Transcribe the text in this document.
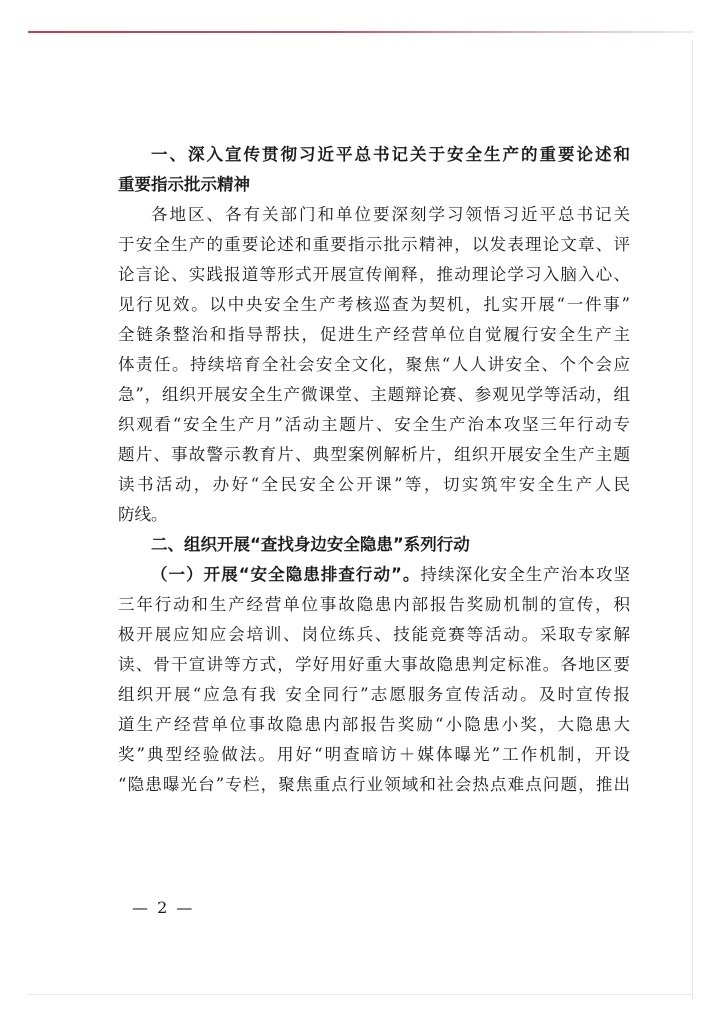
一、深入宣传贯彻习近平总书记关于安全生产的重要论述和
重要指示批示精神
各地区、各有关部门和单位要深刻学习领悟习近平总书记关
于安全生产的重要论述和重要指示批示精神，以发表理论文章、评
论言论、实践报道等形式开展宣传阐释，推动理论学习入脑入心、
见行见效。以中央安全生产考核巡查为契机，扎实开展“一件事”
全链条整治和指导帮扶，促进生产经营单位自觉履行安全生产主
体责任。持续培育全社会安全文化，聚焦“人人讲安全、个个会应
急”，组织开展安全生产微课堂、主题辩论赛、参观见学等活动，组
织观看“安全生产月”活动主题片、安全生产治本攻坚三年行动专
题片、事故警示教育片、典型案例解析片，组织开展安全生产主题
读书活动，办好“全民安全公开课”等，切实筑牢安全生产人民
防线。
二、组织开展“查找身边安全隐患”系列行动
（一）开展“安全隐患排查行动”。持续深化安全生产治本攻坚
三年行动和生产经营单位事故隐患内部报告奖励机制的宣传，积
极开展应知应会培训、岗位练兵、技能竞赛等活动。采取专家解
读、骨干宣讲等方式，学好用好重大事故隐患判定标准。各地区要
组织开展“应急有我 安全同行”志愿服务宣传活动。及时宣传报
道生产经营单位事故隐患内部报告奖励“小隐患小奖，大隐患大
奖”典型经验做法。用好“明查暗访＋媒体曝光”工作机制，开设
“隐患曝光台”专栏，聚焦重点行业领域和社会热点难点问题，推出
— 2 —
